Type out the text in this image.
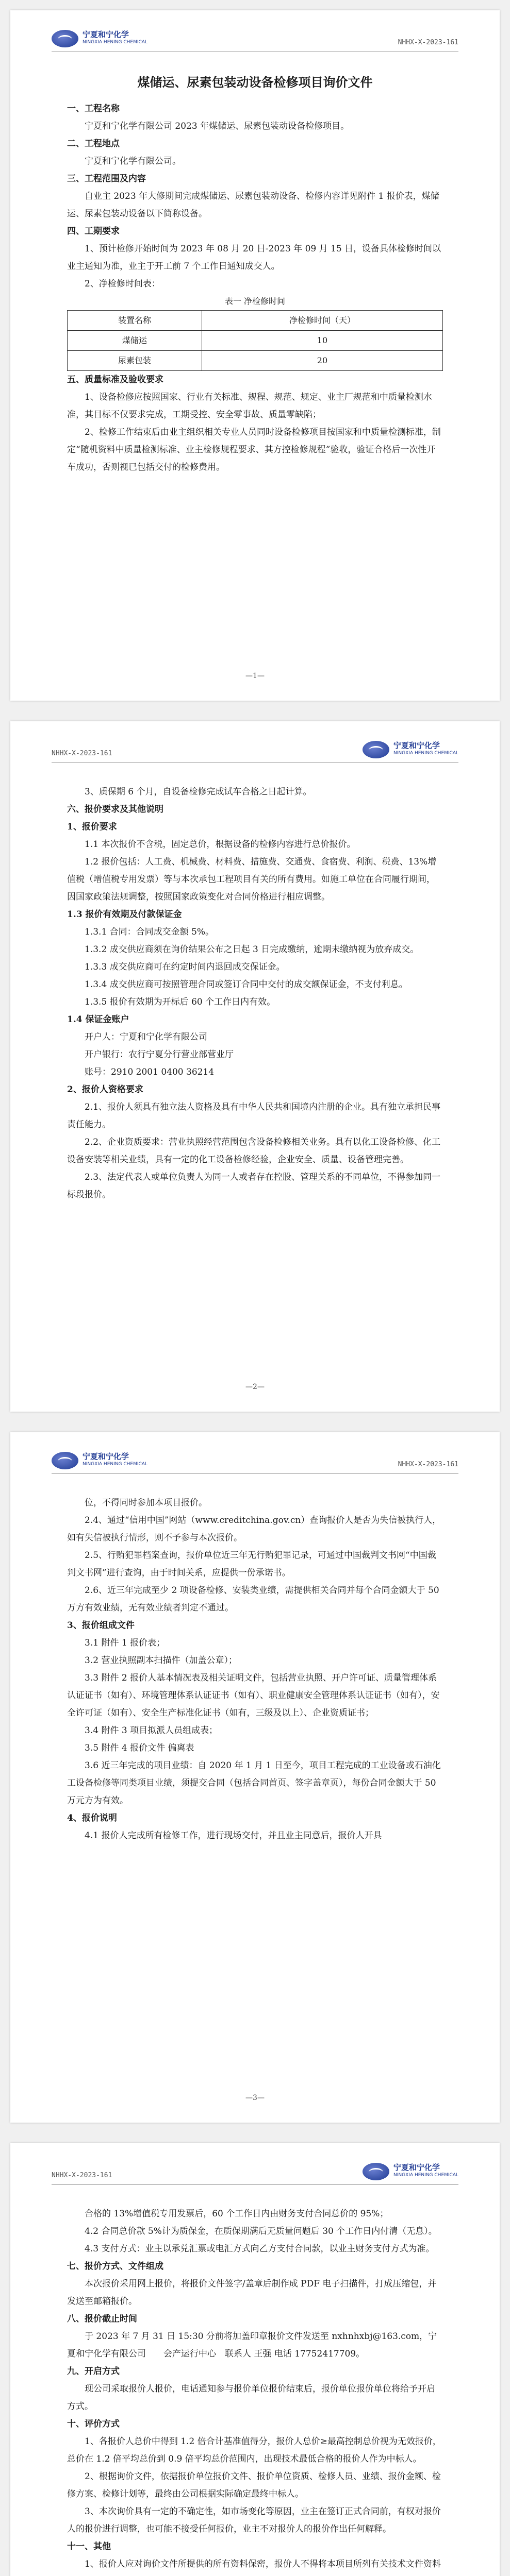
宁夏和宁化学
NINGXIA HENING CHEMICAL	NHHX-X-2023-161
煤储运、尿素包装动设备检修项目询价文件

一、工程名称

宁夏和宁化学有限公司 2023 年煤储运、尿素包装动设备检修项目。

二、工程地点

宁夏和宁化学有限公司。

三、工程范围及内容

自业主 2023 年大修期间完成煤储运、尿素包装动设备、检修内容详见附件 1 报价表，煤储运、尿素包装动设备以下简称设备。

四、工期要求

1、预计检修开始时间为 2023 年 08 月 20 日-2023 年 09 月 15 日，设备具体检修时间以业主通知为准，业主于开工前 7 个工作日通知成交人。

2、净检修时间表：

表一 净检修时间

装置名称	净检修时间（天）
煤储运	10
尿素包装	20

五、质量标准及验收要求

1、设备检修应按照国家、行业有关标准、规程、规范、规定、业主厂规范和中质量检测水准，其目标不仅要求完成，工期受控、安全零事故、质量零缺陷；

2、检修工作结束后由业主组织相关专业人员同时设备检修项目按国家和中质量检测标准，制定“随机资料中质量检测标准、业主检修规程要求、其方控检修规程”验收，验证合格后一次性开车成功，否则视已包括交付的检修费用。

—1—
NHHX-X-2023-161
宁夏和宁化学
NINGXIA HENING CHEMICAL

3、质保期 6 个月，自设备检修完成试车合格之日起计算。

六、报价要求及其他说明

1、报价要求

1.1 本次报价不含税，固定总价，根据设备的检修内容进行总价报价。

1.2 报价包括：人工费、机械费、材料费、措施费、交通费、食宿费、利润、税费、13%增值税（增值税专用发票）等与本次承包工程项目有关的所有费用。如施工单位在合同履行期间，因国家政策法规调整，按照国家政策变化对合同价格进行相应调整。

1.3 报价有效期及付款保证金

1.3.1 合同：合同成交金额 5%。

1.3.2 成交供应商须在询价结果公布之日起 3 日完成缴纳，逾期未缴纳视为放弃成交。

1.3.3 成交供应商可在约定时间内退回成交保证金。

1.3.4 成交供应商可按照管理合同或签订合同中交付的成交额保证金，不支付利息。

1.3.5 报价有效期为开标后 60 个工作日内有效。

1.4 保证金账户

开户人：宁夏和宁化学有限公司

开户银行：农行宁夏分行营业部营业厅

账号：2910 2001 0400 36214

2、报价人资格要求

2.1、报价人须具有独立法人资格及具有中华人民共和国境内注册的企业。具有独立承担民事责任能力。

2.2、企业资质要求：营业执照经营范围包含设备检修相关业务。具有以化工设备检修、化工设备安装等相关业绩，具有一定的化工设备检修经验，企业安全、质量、设备管理完善。

2.3、法定代表人或单位负责人为同一人或者存在控股、管理关系的不同单位，不得参加同一标段报价。

—2—
宁夏和宁化学
NINGXIA HENING CHEMICAL	NHHX-X-2023-161

位，不得同时参加本项目报价。

2.4、通过“信用中国”网站（www.creditchina.gov.cn）查询报价人是否为失信被执行人，如有失信被执行情形，则不予参与本次报价。

2.5、行贿犯罪档案查询，报价单位近三年无行贿犯罪记录，可通过中国裁判文书网“中国裁判文书网”进行查询，由于时间关系，应提供一份承诺书。

2.6、近三年完成至少 2 项设备检修、安装类业绩，需提供相关合同并每个合同金额大于 50 万方有效业绩，无有效业绩者判定不通过。

3、报价组成文件

3.1 附件 1 报价表；

3.2 营业执照副本扫描件（加盖公章）；

3.3 附件 2 报价人基本情况表及相关证明文件，包括营业执照、开户许可证、质量管理体系认证证书（如有）、环境管理体系认证证书（如有）、职业健康安全管理体系认证证书（如有），安全许可证（如有）、安全生产标准化证书（如有，三级及以上）、企业资质证书；

3.4 附件 3 项目拟派人员组成表；

3.5 附件 4 报价文件 偏离表

3.6 近三年完成的项目业绩：自 2020 年 1 月 1 日至今，项目工程完成的工业设备或石油化工设备检修等同类项目业绩，须提交合同（包括合同首页、签字盖章页），每份合同金额大于 50 万元方为有效。

4、报价说明

4.1 报价人完成所有检修工作，进行现场交付，并且业主同意后，报价人开具

—3—
NHHX-X-2023-161
宁夏和宁化学
NINGXIA HENING CHEMICAL

合格的 13%增值税专用发票后，60 个工作日内由财务支付合同总价的 95%；

4.2 合同总价款 5%计为质保金，在质保期满后无质量问题后 30 个工作日内付清（无息）。

4.3 支付方式：业主以承兑汇票或电汇方式向乙方支付合同款，以业主财务支付方式为准。

七、报价方式、文件组成

本次报价采用网上报价，将报价文件签字/盖章后制作成 PDF 电子扫描件，打成压缩包，并发送至邮箱报价。

八、报价截止时间

于 2023 年 7 月 31 日 15:30 分前将加盖印章报价文件发送至 nxhnhxbj@163.com，宁夏和宁化学有限公司　　会产运行中心　联系人 王强 电话 17752417709。

九、开启方式

现公司采取报价人报价，电话通知参与报价单位报价结束后，报价单位报价单位将给予开启方式。

十、评价方式

1、各报价人总价中得到 1.2 倍合计基准值得分，报价人总价≥最高控制总价视为无效报价，总价在 1.2 倍平均总价到 0.9 倍平均总价范围内，出现技术最低合格的报价人作为中标人。

2、根据询价文件，依据报价单位报价文件、报价单位资质、检修人员、业绩、报价金额、检修方案、检修计划等，最终由公司根据实际确定最终中标人。

3、本次询价具有一定的不确定性，如市场变化等原因，业主在签订正式合同前，有权对报价人的报价进行调整，也可能不接受任何报价，业主不对报价人的报价作出任何解释。

十一、其他

1、报价人应对询价文件所提供的所有资料保密，报价人不得将本项目所列有关技术文件资料
